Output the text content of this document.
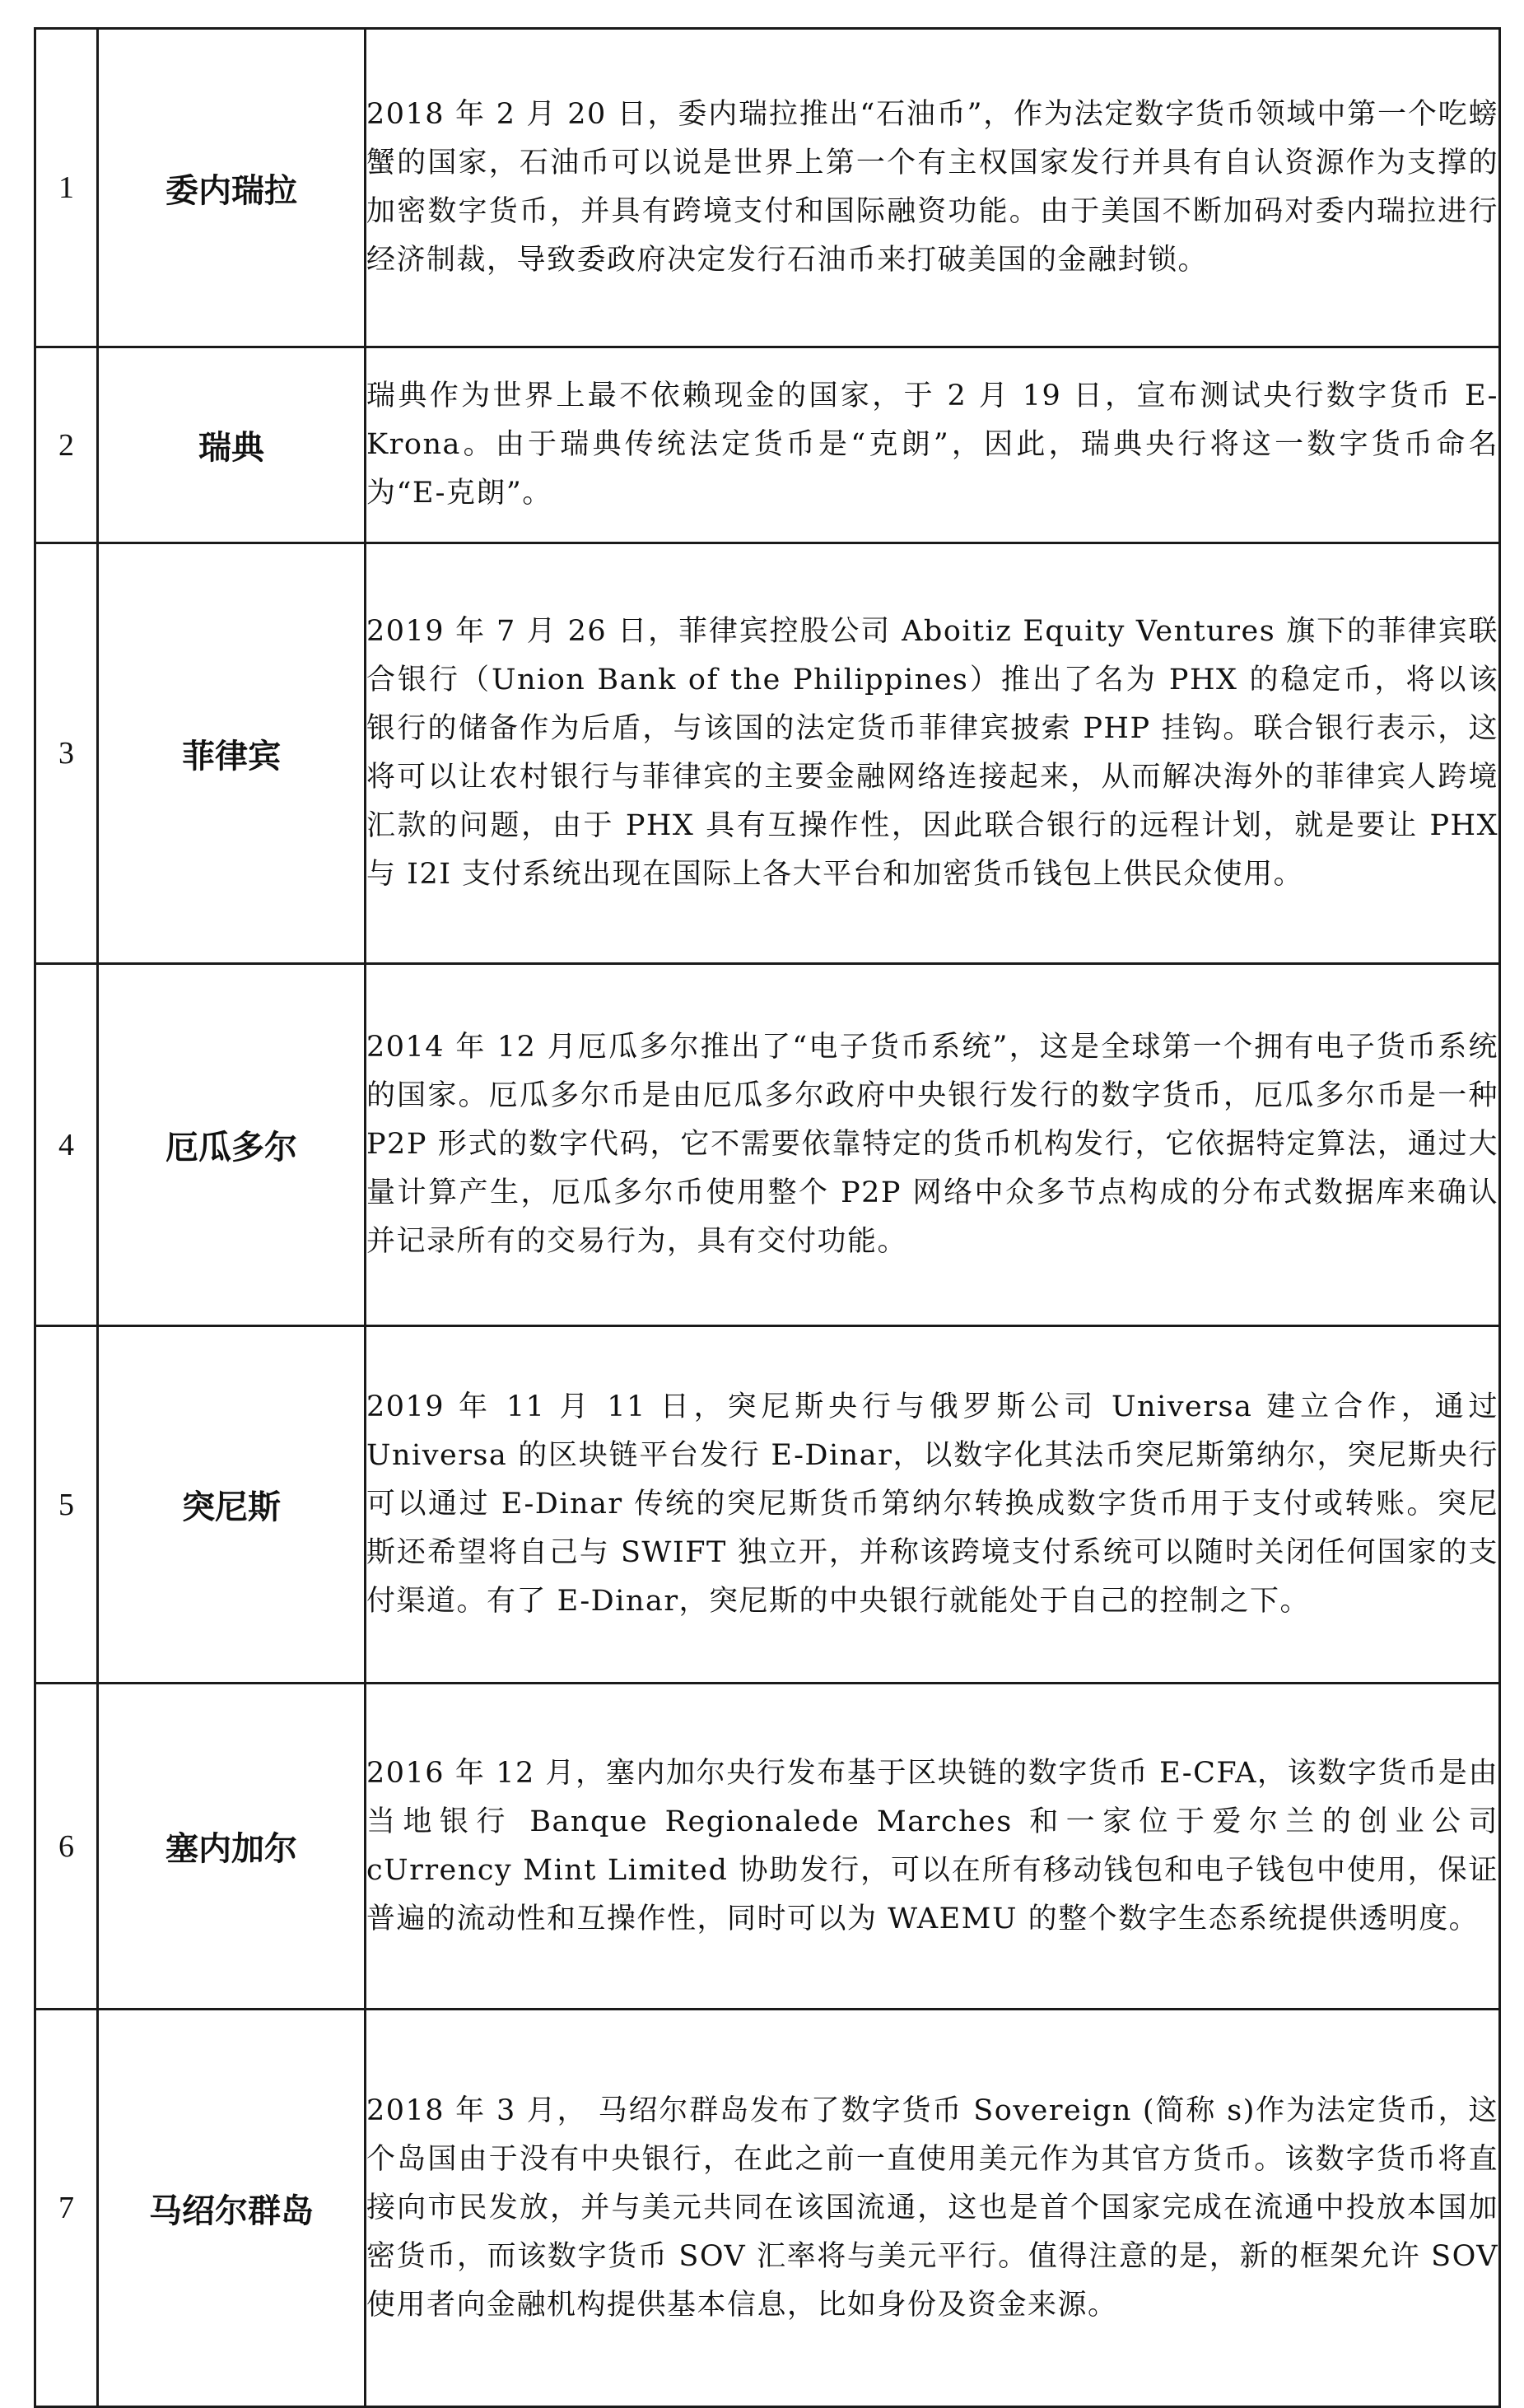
1	委内瑞拉	2018 年 2 月 20 日，委内瑞拉推出“石油币”，作为法定数字货币领域中第一个吃螃蟹的国家，石油币可以说是世界上第一个有主权国家发行并具有自认资源作为支撑的加密数字货币，并具有跨境支付和国际融资功能。由于美国不断加码对委内瑞拉进行经济制裁，导致委政府决定发行石油币来打破美国的金融封锁。
2	瑞典	瑞典作为世界上最不依赖现金的国家，于 2 月 19 日，宣布测试央行数字货币 E-Krona。由于瑞典传统法定货币是“克朗”，因此，瑞典央行将这一数字货币命名为“E-克朗”。
3	菲律宾	2019 年 7 月 26 日，菲律宾控股公司 Aboitiz Equity Ventures 旗下的菲律宾联合银行（Union Bank of the Philippines）推出了名为 PHX 的稳定币，将以该银行的储备作为后盾，与该国的法定货币菲律宾披索 PHP 挂钩。联合银行表示，这将可以让农村银行与菲律宾的主要金融网络连接起来，从而解决海外的菲律宾人跨境汇款的问题，由于 PHX 具有互操作性，因此联合银行的远程计划，就是要让 PHX 与 I2I 支付系统出现在国际上各大平台和加密货币钱包上供民众使用。
4	厄瓜多尔	2014 年 12 月厄瓜多尔推出了“电子货币系统”，这是全球第一个拥有电子货币系统的国家。厄瓜多尔币是由厄瓜多尔政府中央银行发行的数字货币，厄瓜多尔币是一种 P2P 形式的数字代码，它不需要依靠特定的货币机构发行，它依据特定算法，通过大量计算产生，厄瓜多尔币使用整个 P2P 网络中众多节点构成的分布式数据库来确认并记录所有的交易行为，具有交付功能。
5	突尼斯	2019 年 11 月 11 日，突尼斯央行与俄罗斯公司 Universa 建立合作，通过 Universa 的区块链平台发行 E-Dinar，以数字化其法币突尼斯第纳尔，突尼斯央行可以通过 E-Dinar 传统的突尼斯货币第纳尔转换成数字货币用于支付或转账。突尼斯还希望将自己与 SWIFT 独立开，并称该跨境支付系统可以随时关闭任何国家的支付渠道。有了 E-Dinar，突尼斯的中央银行就能处于自己的控制之下。
6	塞内加尔	2016 年 12 月，塞内加尔央行发布基于区块链的数字货币 E-CFA，该数字货币是由当地银行 Banque Regionalede Marches 和一家位于爱尔兰的创业公司 cUrrency Mint Limited 协助发行，可以在所有移动钱包和电子钱包中使用，保证普遍的流动性和互操作性，同时可以为 WAEMU 的整个数字生态系统提供透明度。
7	马绍尔群岛	2018 年 3 月， 马绍尔群岛发布了数字货币 Sovereign (简称 s)作为法定货币，这个岛国由于没有中央银行，在此之前一直使用美元作为其官方货币。该数字货币将直接向市民发放，并与美元共同在该国流通，这也是首个国家完成在流通中投放本国加密货币，而该数字货币 SOV 汇率将与美元平行。值得注意的是，新的框架允许 SOV 使用者向金融机构提供基本信息，比如身份及资金来源。
